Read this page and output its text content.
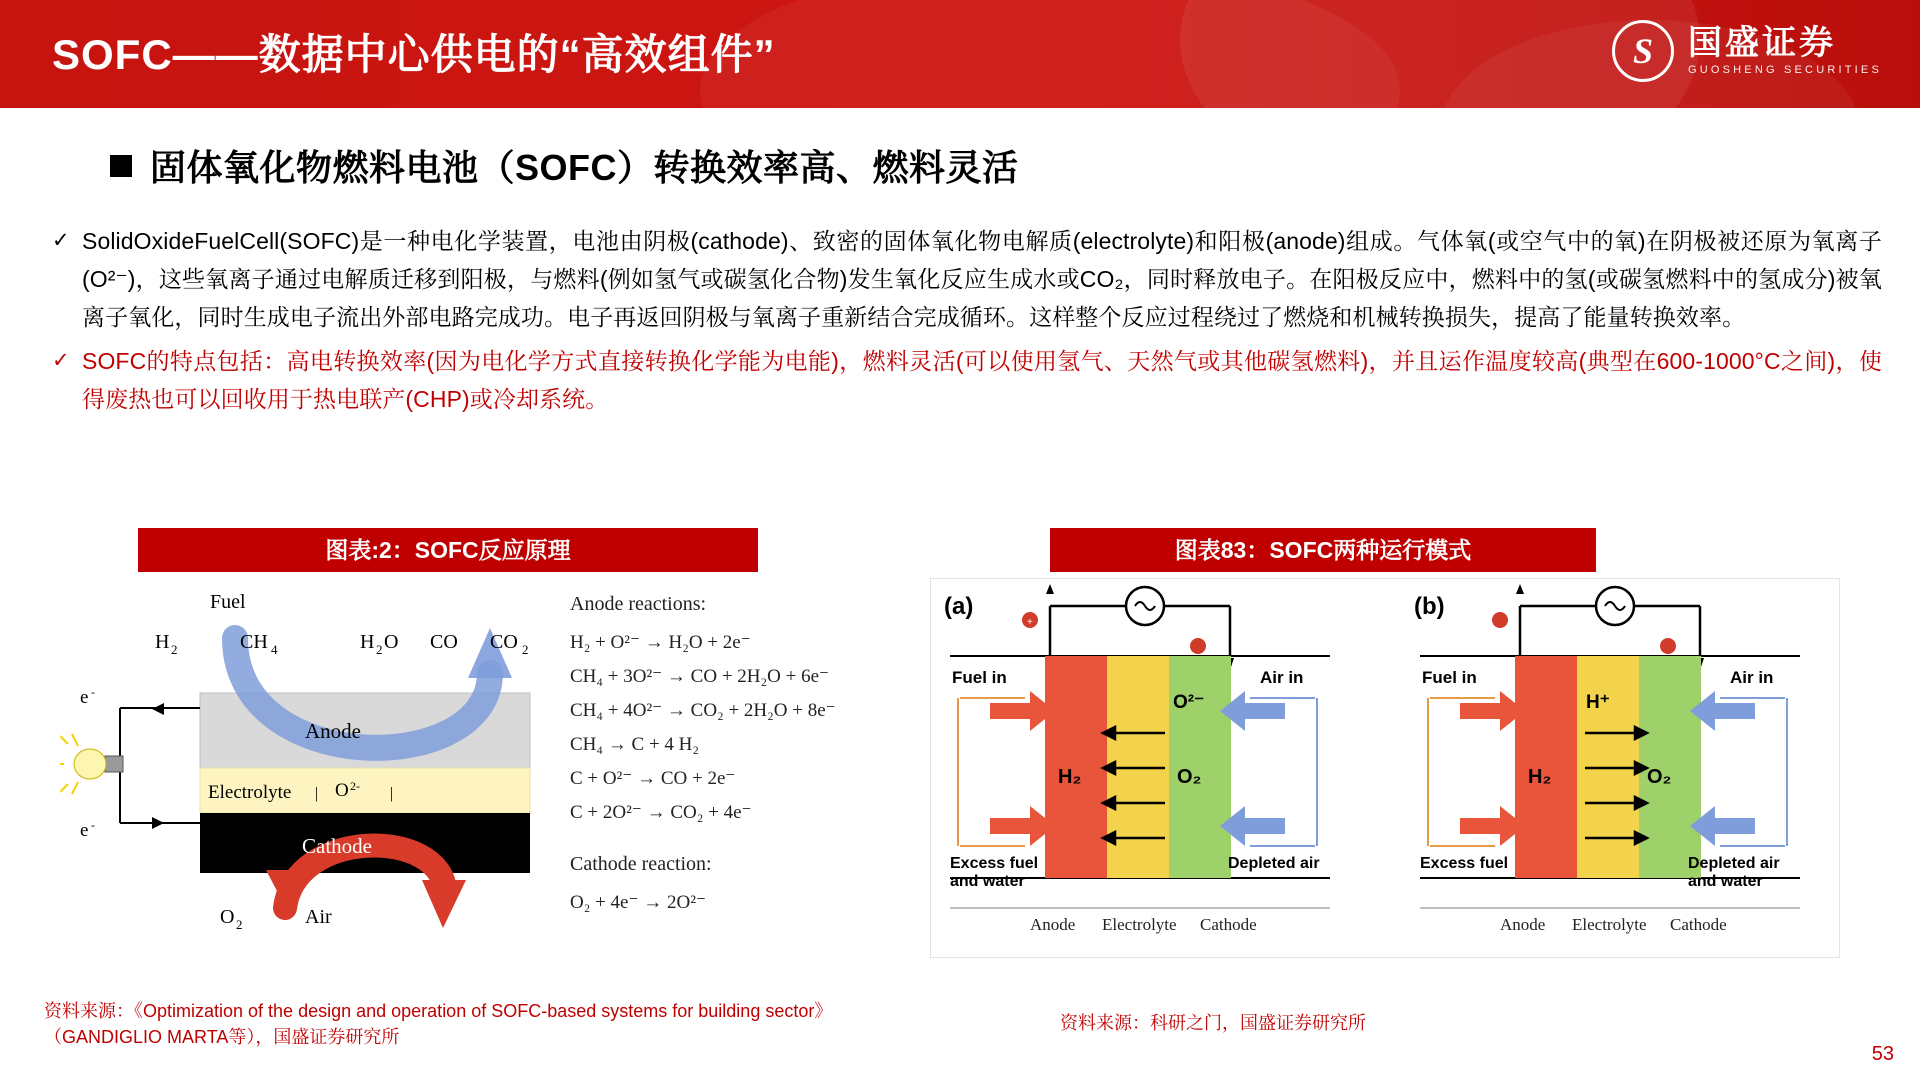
SOFC——数据中心供电的“高效组件”	S 国盛证券
GUOSHENG SECURITIES
固体氧化物燃料电池（SOFC）转换效率高、燃料灵活
✓ SolidOxideFuelCell(SOFC)是一种电化学装置，电池由阴极(cathode)、致密的固体氧化物电解质(electrolyte)和阳极(anode)组成。气体氧(或空气中的氧)在阴极被还原为氧离子(O²⁻)，这些氧离子通过电解质迁移到阳极，与燃料(例如氢气或碳氢化合物)发生氧化反应生成水或CO₂，同时释放电子。在阳极反应中，燃料中的氢(或碳氢燃料中的氢成分)被氧离子氧化，同时生成电子流出外部电路完成功。电子再返回阴极与氧离子重新结合完成循环。这样整个反应过程绕过了燃烧和机械转换损失，提高了能量转换效率。
✓ SOFC的特点包括：高电转换效率(因为电化学方式直接转换化学能为电能)，燃料灵活(可以使用氢气、天然气或其他碳氢燃料)，并且运作温度较高(典型在600-1000°C之间)，使得废热也可以回收用于热电联产(CHP)或冷却系统。
图表:2：SOFC反应原理	图表83：SOFC两种运行模式
Fuel
H 2	CH 4	H 2 O CO CO 2
Anode
Electrolyte | O 2- |
Cathode
O 2	Air
e -
e -
Anode reactions:
H₂ + O²⁻ → H₂O + 2e⁻
CH₄ + 3O²⁻ → CO + 2H₂O + 6e⁻
CH₄ + 4O²⁻ → CO₂ + 2H₂O + 8e⁻
CH₄ → C + 4 H₂
C + O²⁻ → CO + 2e⁻
C + 2O²⁻ → CO₂ + 4e⁻
Cathode reaction:
O₂ + 4e⁻ → 2O²⁻
(a)
+
Fuel in	Air in
Excess fuel
and water
Depleted air
H₂	O₂
O²⁻
Anode Electrolyte Cathode
(b)
Fuel in	Air in
Excess fuel	Depleted air
and water
H₂	O₂
H⁺
Anode Electrolyte Cathode
资料来源：《Optimization of the design and operation of SOFC-based systems for building sector》（GANDIGLIO MARTA等），国盛证券研究所
资料来源：科研之门，国盛证券研究所
53
